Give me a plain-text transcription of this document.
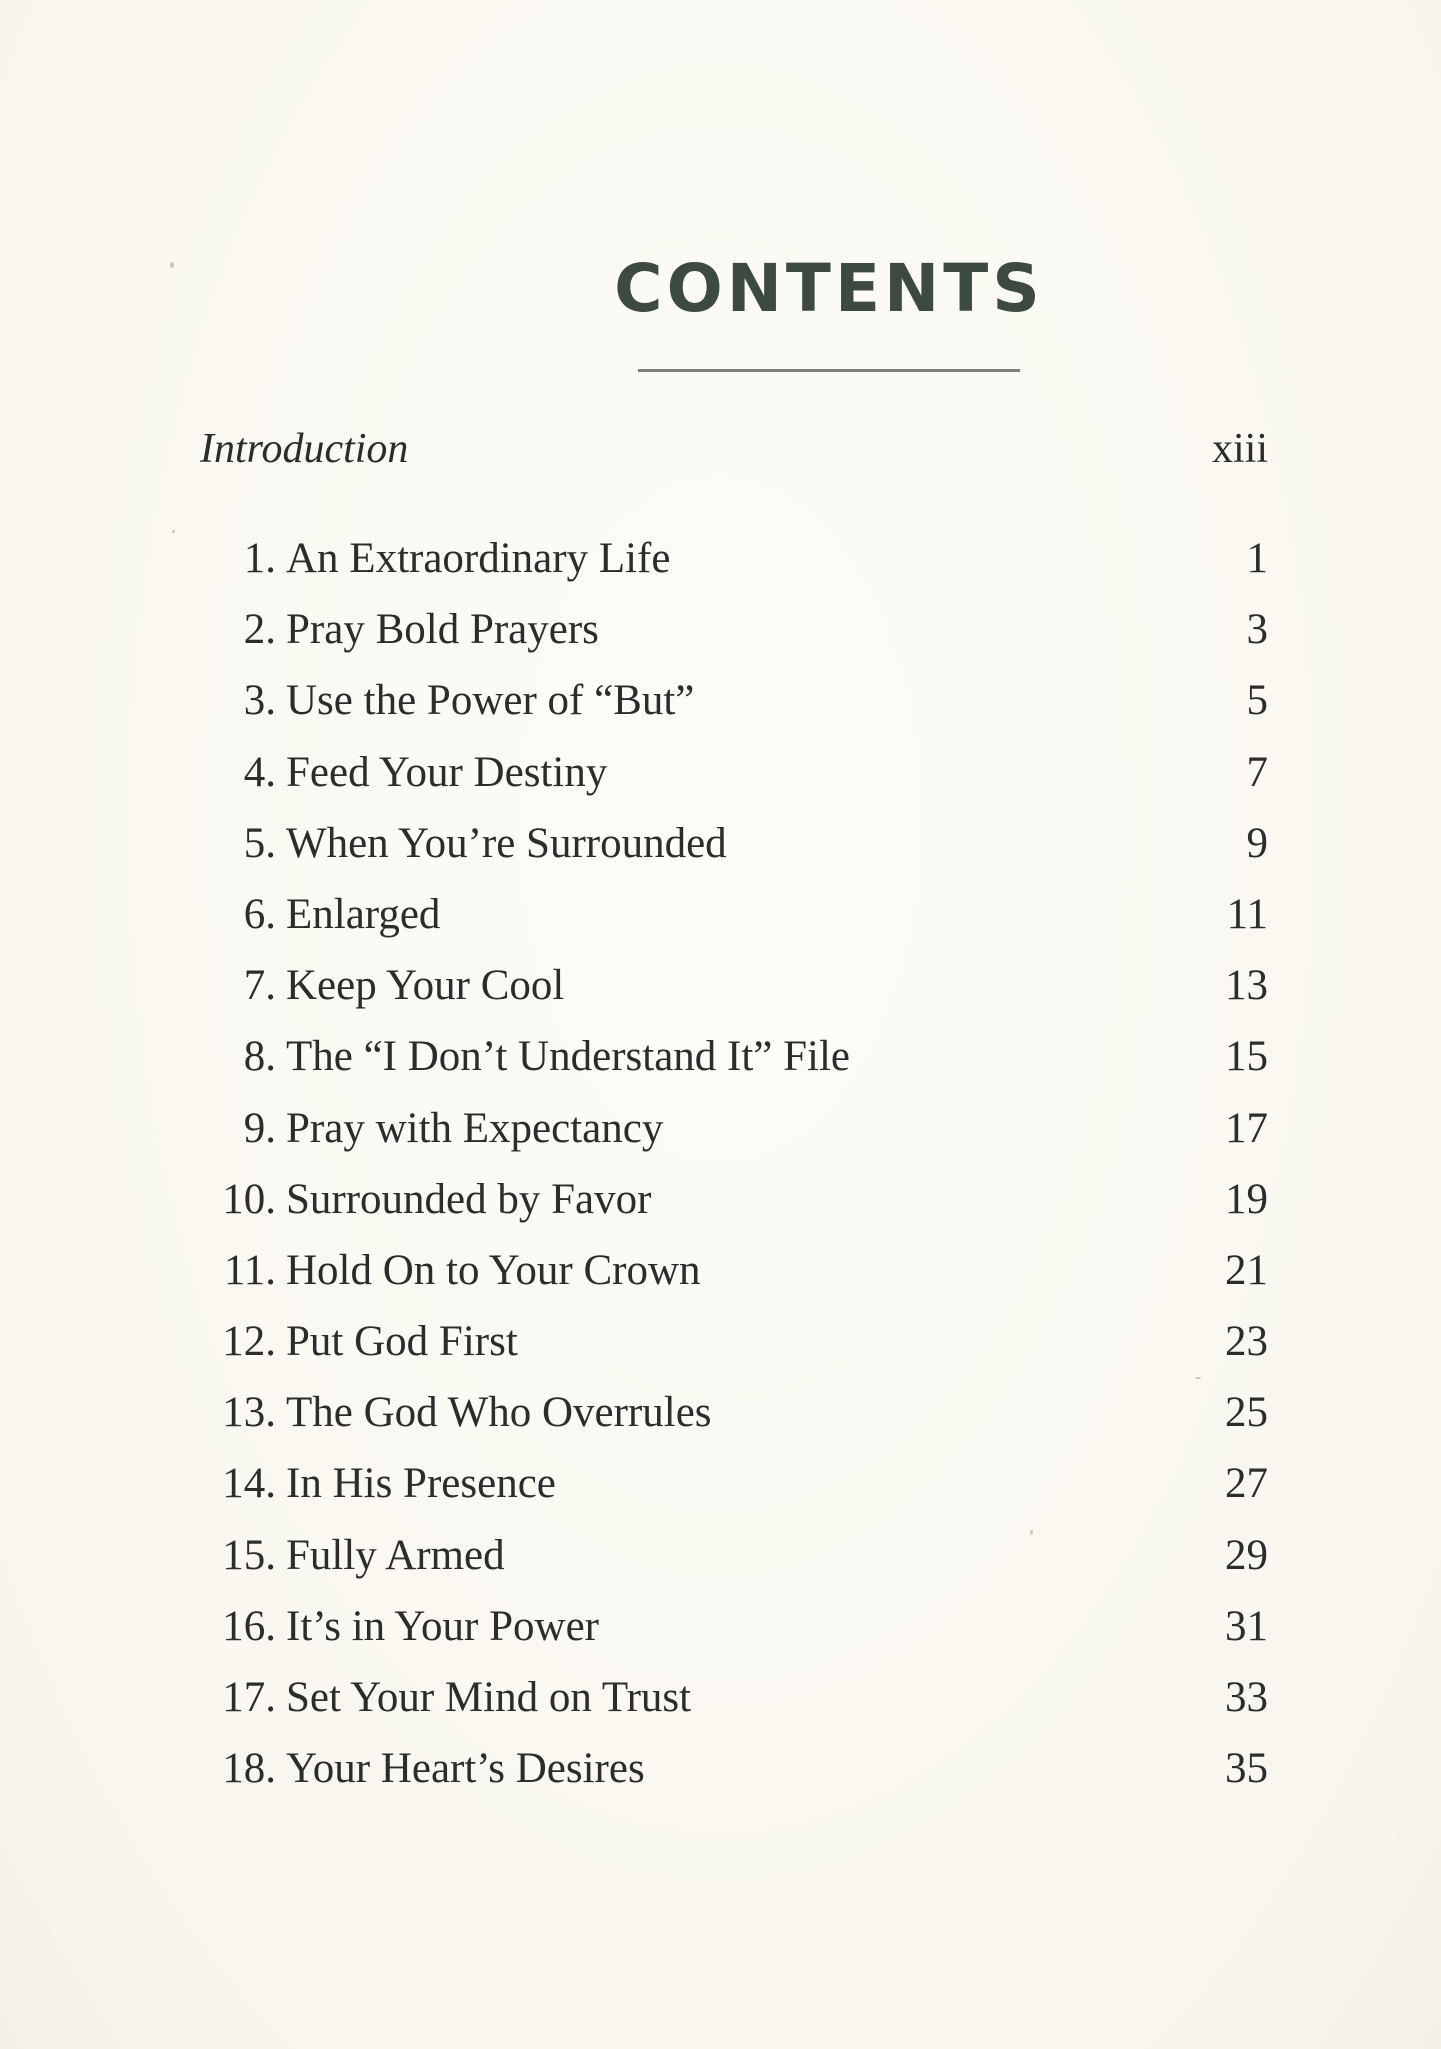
CONTENTS
Introduction	xiii
1. An Extraordinary Life	1
2. Pray Bold Prayers	3
3. Use the Power of “But”	5
4. Feed Your Destiny	7
5. When You’re Surrounded	9
6. Enlarged	11
7. Keep Your Cool	13
8. The “I Don’t Understand It” File	15
9. Pray with Expectancy	17
10. Surrounded by Favor	19
11. Hold On to Your Crown	21
12. Put God First	23
13. The God Who Overrules	25
14. In His Presence	27
15. Fully Armed	29
16. It’s in Your Power	31
17. Set Your Mind on Trust	33
18. Your Heart’s Desires	35
